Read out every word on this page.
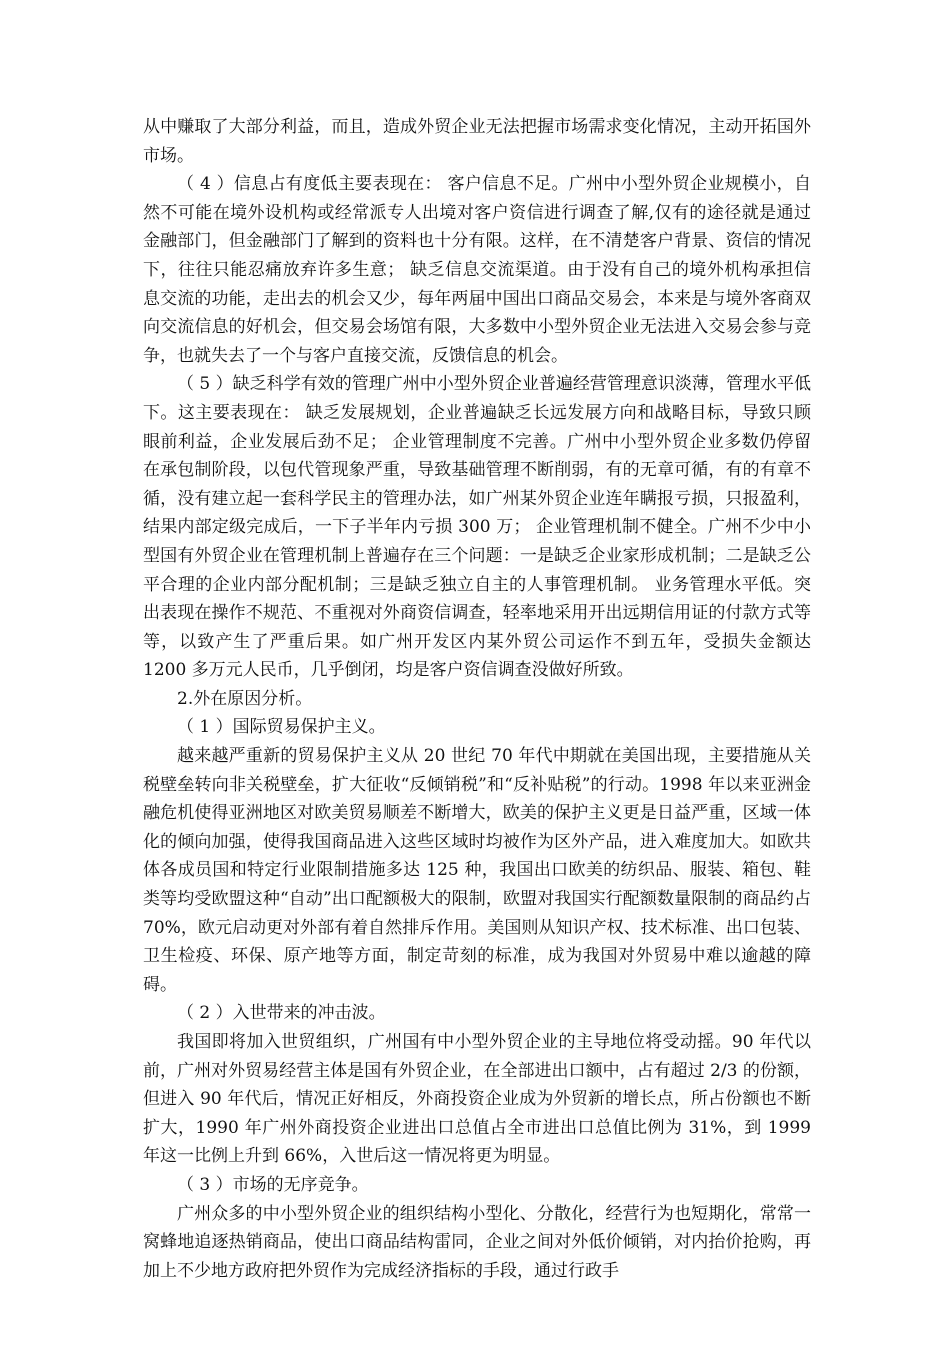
从中赚取了大部分利益，而且，造成外贸企业无法把握市场需求变化情况，主动开拓国外市场。

（ 4 ）信息占有度低主要表现在： 客户信息不足。广州中小型外贸企业规模小，自然不可能在境外设机构或经常派专人出境对客户资信进行调查了解,仅有的途径就是通过金融部门，但金融部门了解到的资料也十分有限。这样，在不清楚客户背景、资信的情况下，往往只能忍痛放弃许多生意； 缺乏信息交流渠道。由于没有自己的境外机构承担信息交流的功能，走出去的机会又少，每年两届中国出口商品交易会，本来是与境外客商双向交流信息的好机会，但交易会场馆有限，大多数中小型外贸企业无法进入交易会参与竞争，也就失去了一个与客户直接交流，反馈信息的机会。

（ 5 ）缺乏科学有效的管理广州中小型外贸企业普遍经营管理意识淡薄，管理水平低下。这主要表现在： 缺乏发展规划，企业普遍缺乏长远发展方向和战略目标，导致只顾眼前利益，企业发展后劲不足； 企业管理制度不完善。广州中小型外贸企业多数仍停留在承包制阶段，以包代管现象严重，导致基础管理不断削弱，有的无章可循，有的有章不循，没有建立起一套科学民主的管理办法，如广州某外贸企业连年瞒报亏损，只报盈利，结果内部定级完成后，一下子半年内亏损 300 万； 企业管理机制不健全。广州不少中小型国有外贸企业在管理机制上普遍存在三个问题：一是缺乏企业家形成机制；二是缺乏公平合理的企业内部分配机制；三是缺乏独立自主的人事管理机制。 业务管理水平低。突出表现在操作不规范、不重视对外商资信调查，轻率地采用开出远期信用证的付款方式等等，以致产生了严重后果。如广州开发区内某外贸公司运作不到五年，受损失金额达 1200 多万元人民币，几乎倒闭，均是客户资信调查没做好所致。

2.外在原因分析。

（ 1 ）国际贸易保护主义。

越来越严重新的贸易保护主义从 20 世纪 70 年代中期就在美国出现，主要措施从关税壁垒转向非关税壁垒，扩大征收“反倾销税”和“反补贴税”的行动。1998 年以来亚洲金融危机使得亚洲地区对欧美贸易顺差不断增大，欧美的保护主义更是日益严重，区域一体化的倾向加强，使得我国商品进入这些区域时均被作为区外产品，进入难度加大。如欧共体各成员国和特定行业限制措施多达 125 种，我国出口欧美的纺织品、服装、箱包、鞋类等均受欧盟这种“自动”出口配额极大的限制，欧盟对我国实行配额数量限制的商品约占 70%，欧元启动更对外部有着自然排斥作用。美国则从知识产权、技术标准、出口包装、卫生检疫、环保、原产地等方面，制定苛刻的标准，成为我国对外贸易中难以逾越的障碍。

（ 2 ）入世带来的冲击波。

我国即将加入世贸组织，广州国有中小型外贸企业的主导地位将受动摇。90 年代以前，广州对外贸易经营主体是国有外贸企业，在全部进出口额中，占有超过 2/3 的份额，但进入 90 年代后，情况正好相反，外商投资企业成为外贸新的增长点，所占份额也不断扩大，1990 年广州外商投资企业进出口总值占全市进出口总值比例为 31%，到 1999 年这一比例上升到 66%，入世后这一情况将更为明显。

（ 3 ）市场的无序竞争。

广州众多的中小型外贸企业的组织结构小型化、分散化，经营行为也短期化，常常一窝蜂地追逐热销商品，使出口商品结构雷同，企业之间对外低价倾销，对内抬价抢购，再加上不少地方政府把外贸作为完成经济指标的手段，通过行政手
